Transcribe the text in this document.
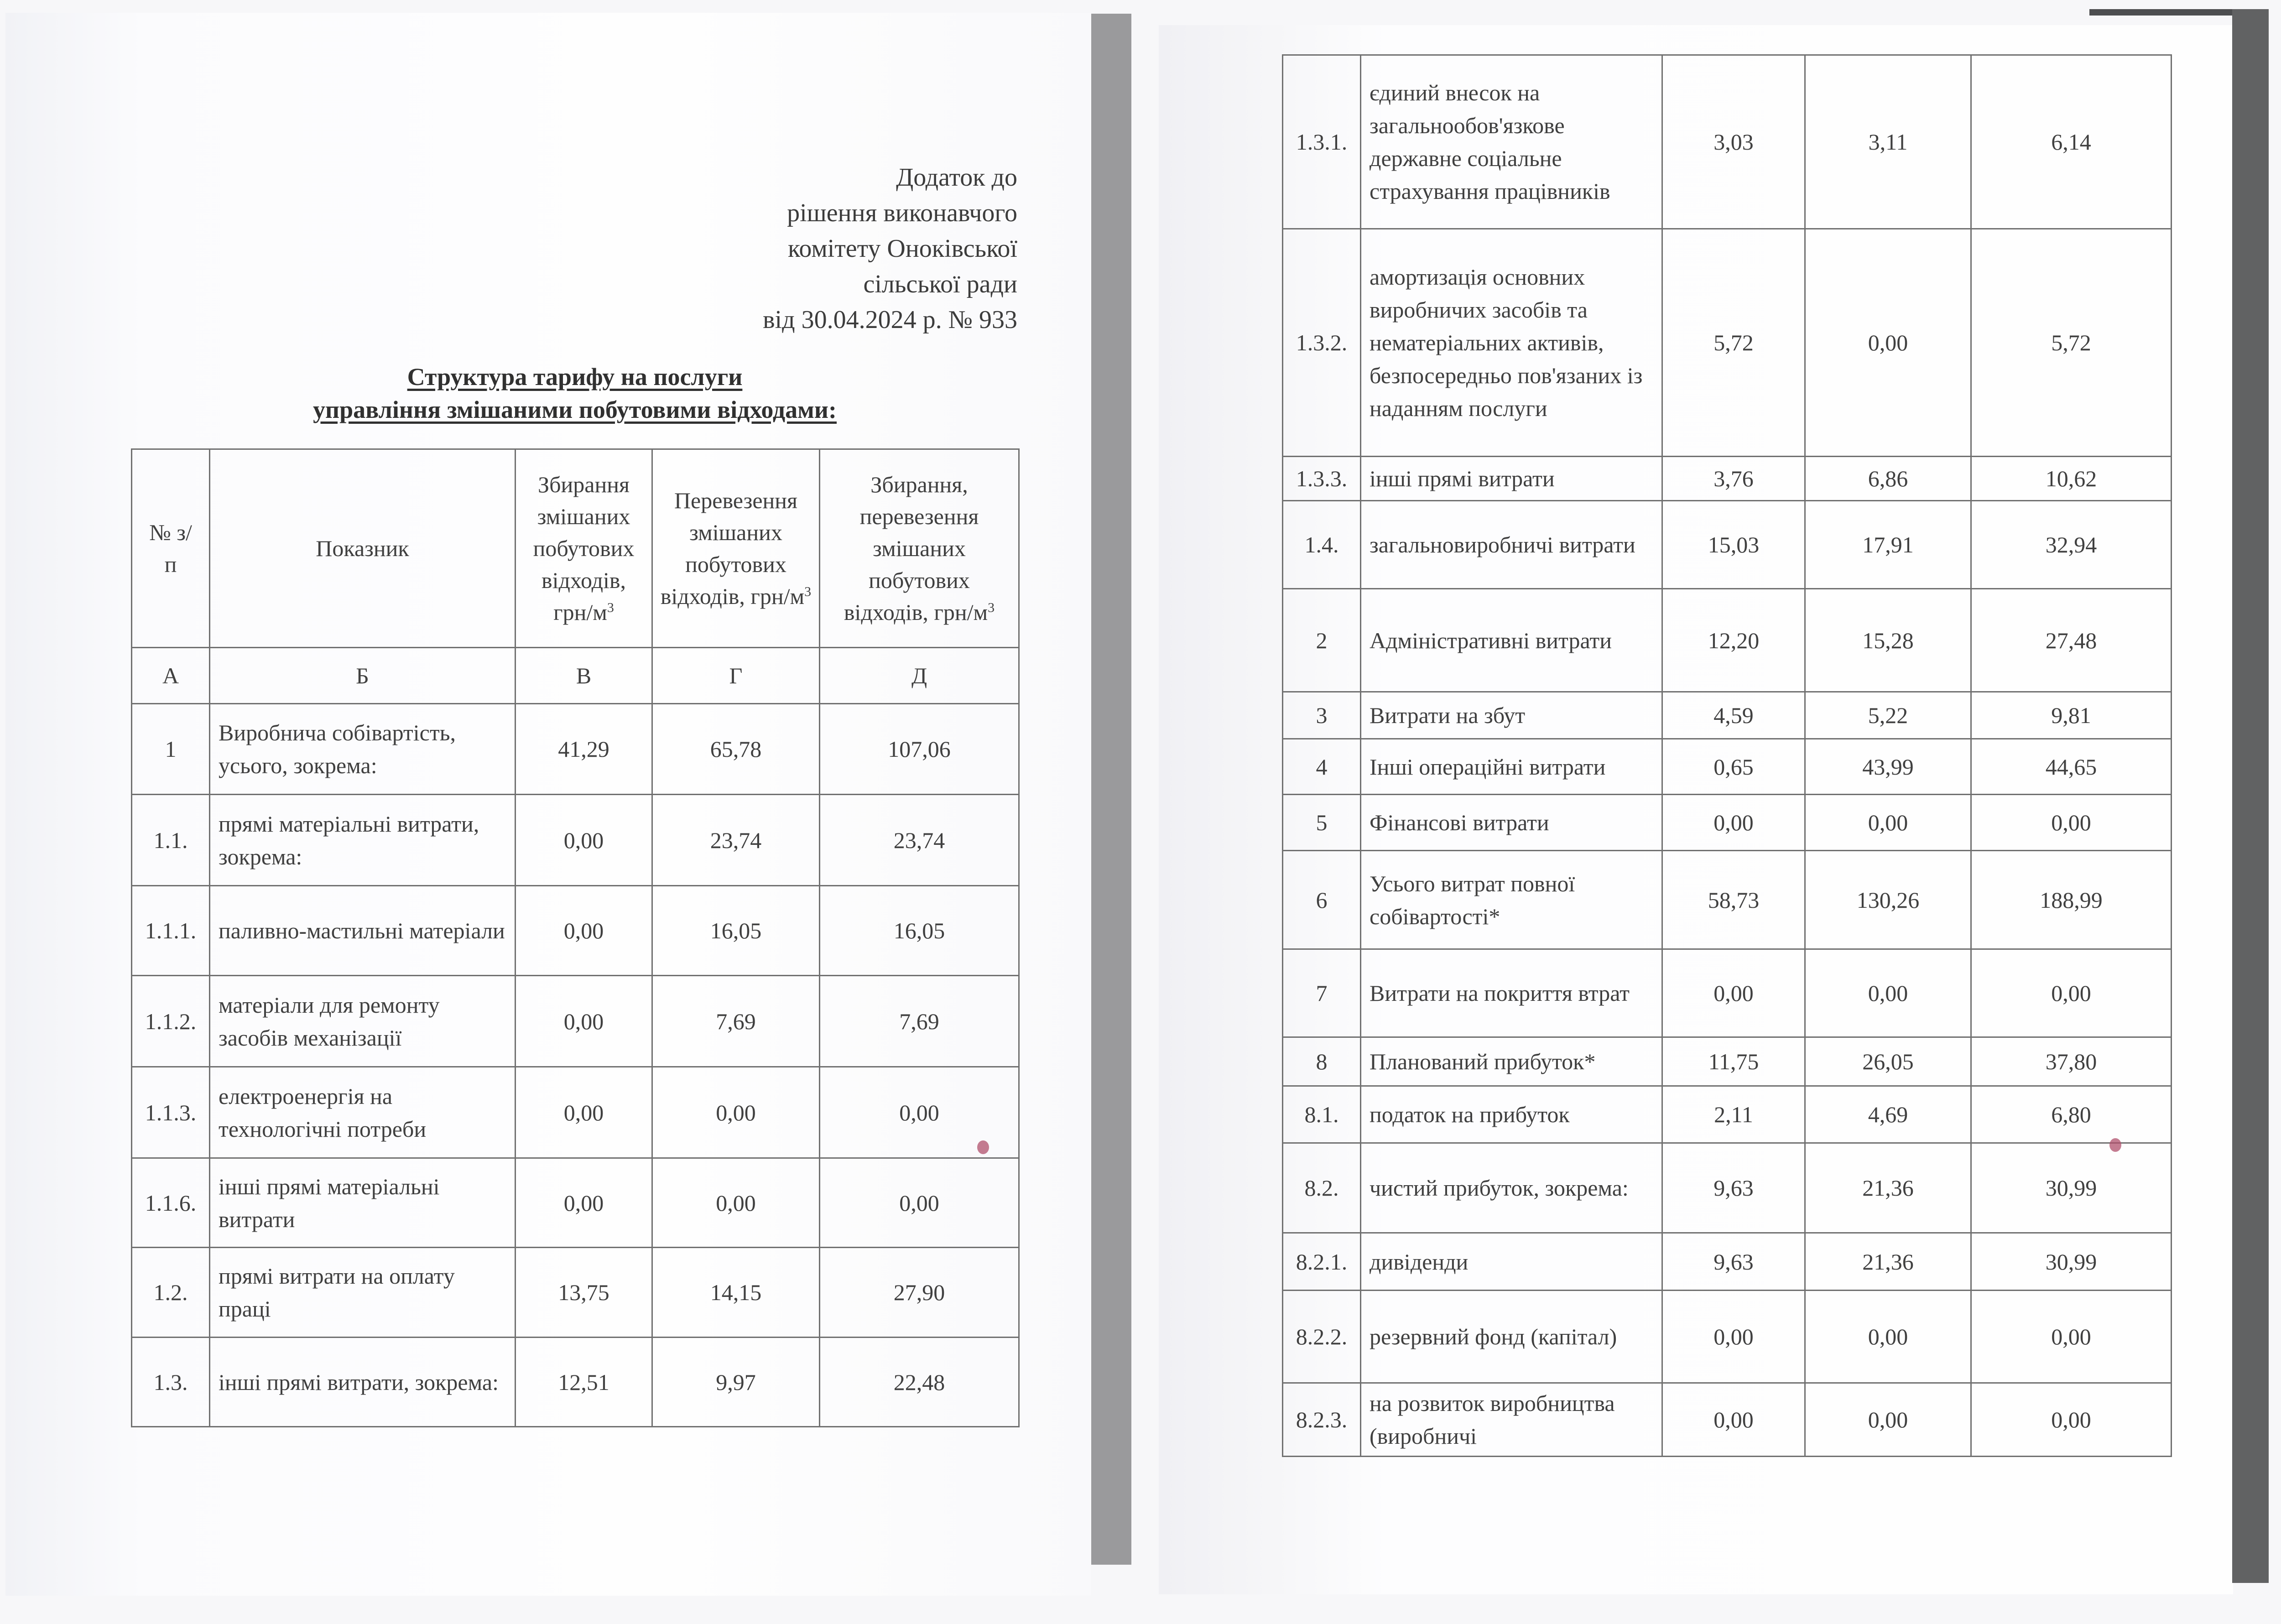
Додаток до
рішення виконавчого
комітету Оноківської
сільської ради
від 30.04.2024 р. № 933
Структура тарифу на послуги
управління змішаними побутовими відходами:
№ з/п	Показник	Збирання змішаних побутових відходів, грн/$м^3$	Перевезення змішаних побутових відходів, грн/$м^3$	Збирання, перевезення змішаних побутових відходів, грн/$м^3$
А	Б	В	Г	Д
1	Виробнича собівартість, усього, зокрема:	41,29	65,78	107,06
1.1.	прямі матеріальні витрати, зокрема:	0,00	23,74	23,74
1.1.1.	паливно-мастильні матеріали	0,00	16,05	16,05
1.1.2.	матеріали для ремонту засобів механізації	0,00	7,69	7,69
1.1.3.	електроенергія на технологічні потреби	0,00	0,00	0,00
1.1.6.	інші прямі матеріальні витрати	0,00	0,00	0,00
1.2.	прямі витрати на оплату праці	13,75	14,15	27,90
1.3.	інші прямі витрати, зокрема:	12,51	9,97	22,48
1.3.1.	єдиний внесок на загальнообов'язкове державне соціальне страхування працівників	3,03	3,11	6,14
1.3.2.	амортизація основних виробничих засобів та нематеріальних активів, безпосередньо пов'язаних із наданням послуги	5,72	0,00	5,72
1.3.3.	інші прямі витрати	3,76	6,86	10,62
1.4.	загальновиробничі витрати	15,03	17,91	32,94
2	Адміністративні витрати	12,20	15,28	27,48
3	Витрати на збут	4,59	5,22	9,81
4	Інші операційні витрати	0,65	43,99	44,65
5	Фінансові витрати	0,00	0,00	0,00
6	Усього витрат повної собівартості*	58,73	130,26	188,99
7	Витрати на покриття втрат	0,00	0,00	0,00
8	Планований прибуток*	11,75	26,05	37,80
8.1.	податок на прибуток	2,11	4,69	6,80
8.2.	чистий прибуток, зокрема:	9,63	21,36	30,99
8.2.1.	дивіденди	9,63	21,36	30,99
8.2.2.	резервний фонд (капітал)	0,00	0,00	0,00
8.2.3.	на розвиток виробництва (виробничі	0,00	0,00	0,00
